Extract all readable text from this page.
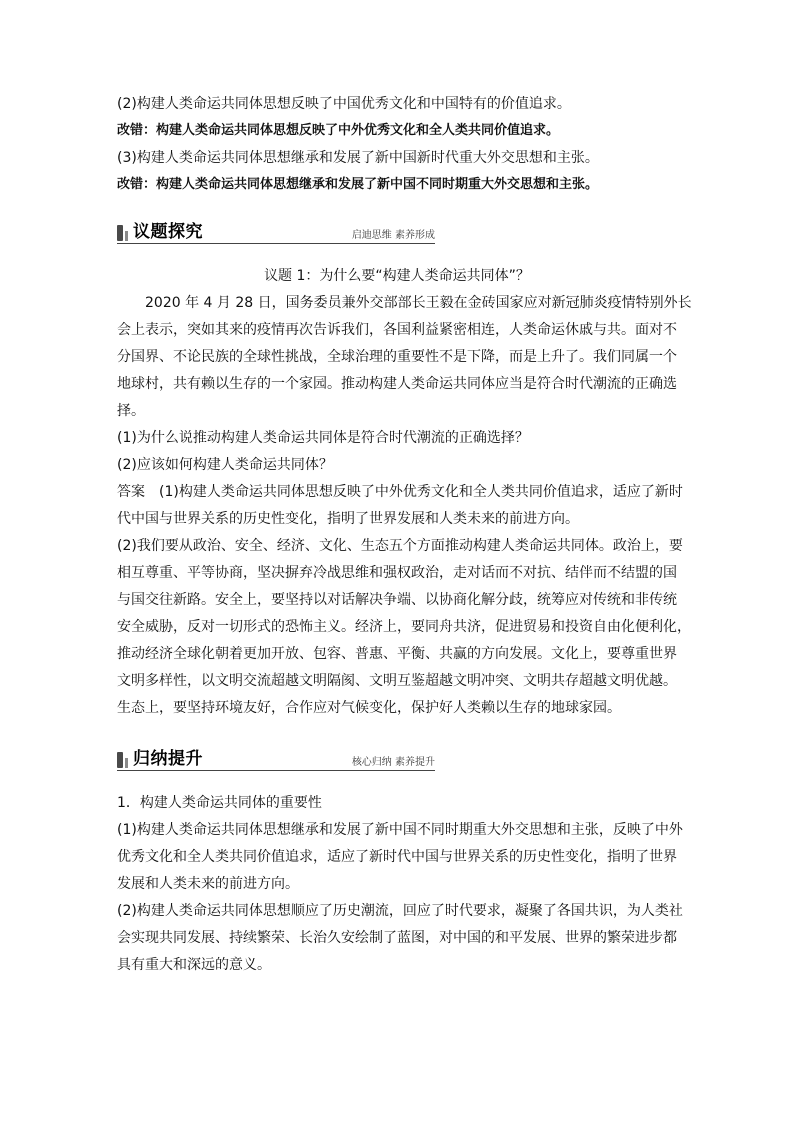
(2)构建人类命运共同体思想反映了中国优秀文化和中国特有的价值追求。
改错：构建人类命运共同体思想反映了中外优秀文化和全人类共同价值追求。
(3)构建人类命运共同体思想继承和发展了新中国新时代重大外交思想和主张。
改错：构建人类命运共同体思想继承和发展了新中国不同时期重大外交思想和主张。
议题探究	启迪思维 素养形成
议题 1：为什么要“构建人类命运共同体”？
2020 年 4 月 28 日，国务委员兼外交部部长王毅在金砖国家应对新冠肺炎疫情特别外长
会上表示，突如其来的疫情再次告诉我们，各国利益紧密相连，人类命运休戚与共。面对不
分国界、不论民族的全球性挑战，全球治理的重要性不是下降，而是上升了。我们同属一个
地球村，共有赖以生存的一个家园。推动构建人类命运共同体应当是符合时代潮流的正确选
择。
(1)为什么说推动构建人类命运共同体是符合时代潮流的正确选择？
(2)应该如何构建人类命运共同体？
答案　(1)构建人类命运共同体思想反映了中外优秀文化和全人类共同价值追求，适应了新时
代中国与世界关系的历史性变化，指明了世界发展和人类未来的前进方向。
(2)我们要从政治、安全、经济、文化、生态五个方面推动构建人类命运共同体。政治上，要
相互尊重、平等协商，坚决摒弃冷战思维和强权政治，走对话而不对抗、结伴而不结盟的国
与国交往新路。安全上，要坚持以对话解决争端、以协商化解分歧，统筹应对传统和非传统
安全威胁，反对一切形式的恐怖主义。经济上，要同舟共济，促进贸易和投资自由化便利化，
推动经济全球化朝着更加开放、包容、普惠、平衡、共赢的方向发展。文化上，要尊重世界
文明多样性，以文明交流超越文明隔阂、文明互鉴超越文明冲突、文明共存超越文明优越。
生态上，要坚持环境友好，合作应对气候变化，保护好人类赖以生存的地球家园。
归纳提升	核心归纳 素养提升
1．构建人类命运共同体的重要性
(1)构建人类命运共同体思想继承和发展了新中国不同时期重大外交思想和主张，反映了中外
优秀文化和全人类共同价值追求，适应了新时代中国与世界关系的历史性变化，指明了世界
发展和人类未来的前进方向。
(2)构建人类命运共同体思想顺应了历史潮流，回应了时代要求，凝聚了各国共识，为人类社
会实现共同发展、持续繁荣、长治久安绘制了蓝图，对中国的和平发展、世界的繁荣进步都
具有重大和深远的意义。
